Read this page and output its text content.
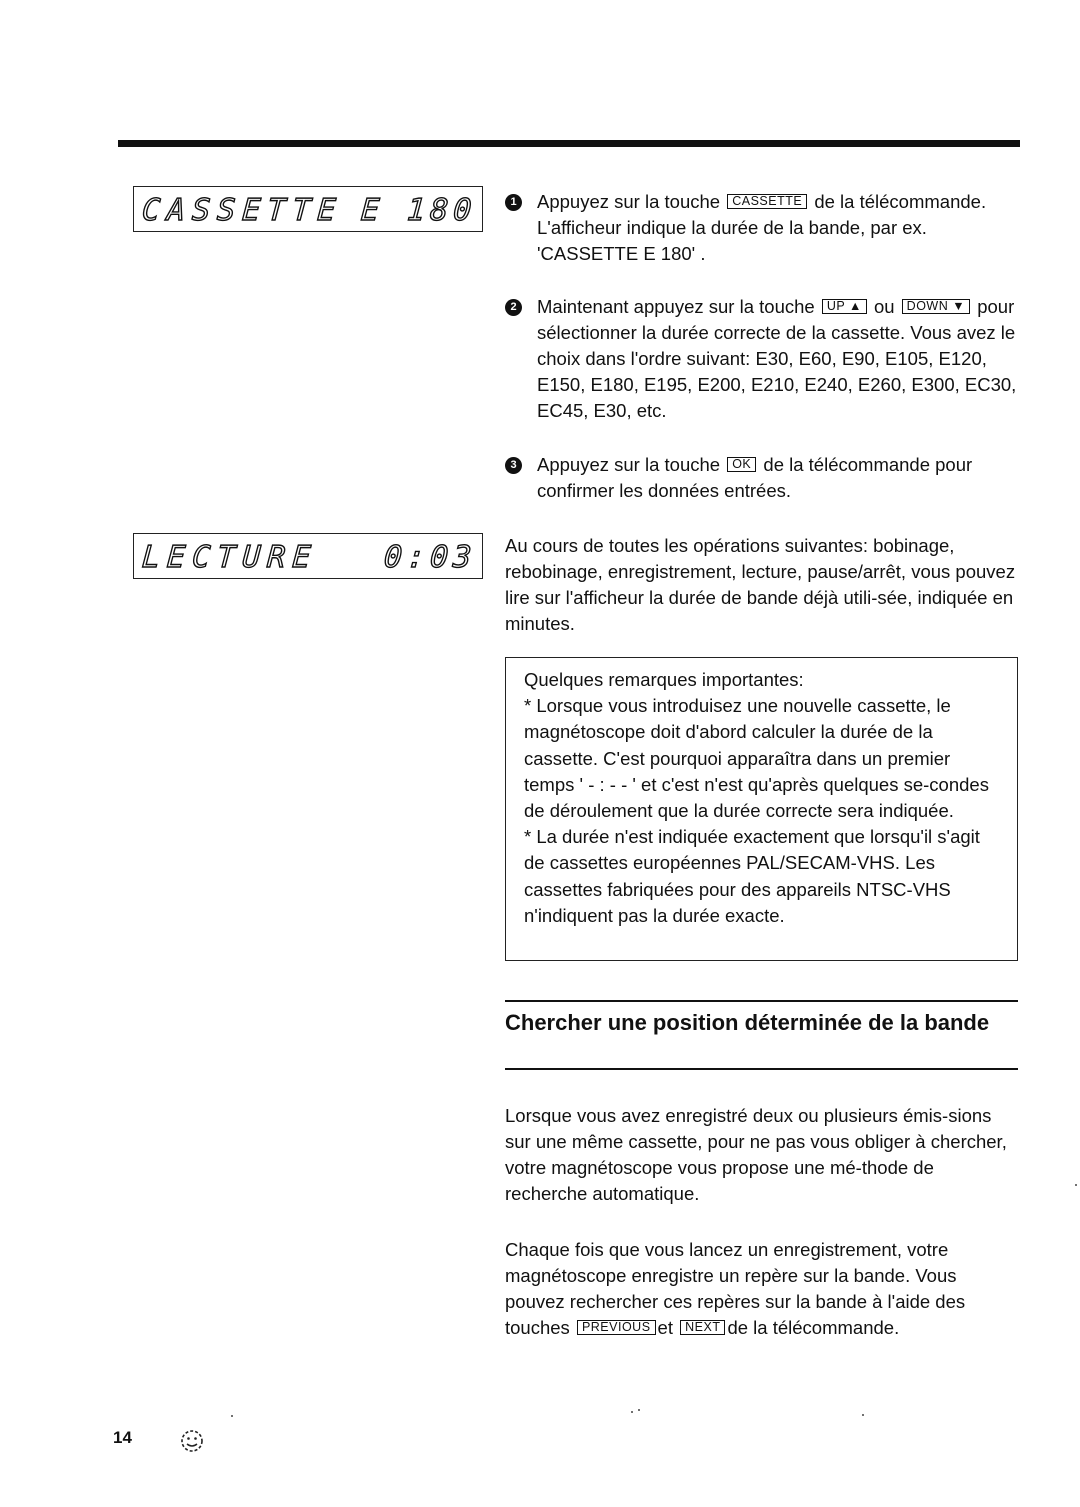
CASSETTE E 180
LECTURE 0:03
1 Appuyez sur la touche CASSETTE de la télécommande. L'afficheur indique la durée de la bande, par ex. 'CASSETTE E 180' .
2 Maintenant appuyez sur la touche UP ▲ ou DOWN ▼ pour sélectionner la durée correcte de la cassette. Vous avez le choix dans l'ordre suivant: E30, E60, E90, E105, E120, E150, E180, E195, E200, E210, E240, E260, E300, EC30, EC45, E30, etc.
3 Appuyez sur la touche OK de la télécommande pour confirmer les données entrées.

Au cours de toutes les opérations suivantes: bobinage, rebobinage, enregistrement, lecture, pause/arrêt, vous pouvez lire sur l'afficheur la durée de bande déjà utili-sée, indiquée en minutes.

Quelques remarques importantes:

* Lorsque vous introduisez une nouvelle cassette, le magnétoscope doit d'abord calculer la durée de la cassette. C'est pourquoi apparaîtra dans un premier temps ' - : - - ' et c'est n'est qu'après quelques se-condes de déroulement que la durée correcte sera indiquée.

* La durée n'est indiquée exactement que lorsqu'il s'agit de cassettes européennes PAL/SECAM-VHS. Les cassettes fabriquées pour des appareils NTSC-VHS n'indiquent pas la durée exacte.

Chercher une position déterminée de la bande

Lorsque vous avez enregistré deux ou plusieurs émis-sions sur une même cassette, pour ne pas vous obliger à chercher, votre magnétoscope vous propose une mé-thode de recherche automatique.

Chaque fois que vous lancez un enregistrement, votre magnétoscope enregistre un repère sur la bande. Vous pouvez rechercher ces repères sur la bande à l'aide des touches PREVIOUS et NEXT de la télécommande.

14
